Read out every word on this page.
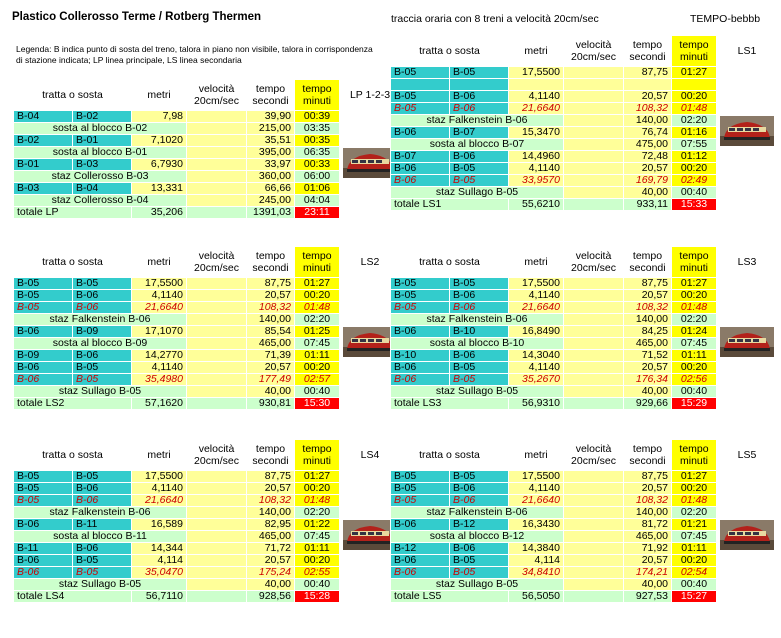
Plastico Collerosso Terme / Rotberg Thermen	traccia oraria con 8 treni a velocità 20cm/sec	TEMPO-bebbb
Legenda: B indica punto di sosta del treno, talora in piano non visibile, talora in corrispondenza di stazione indicata; LP linea principale, LS linea secondaria
tratta o sosta		metri	velocità 20cm/sec	tempo secondi	tempo minuti	LP 1-2-3
B-04	B-02	7,98		39,90	00:39	
sosta al blocco B-02				215,00	03:35	
B-02	B-01	7,1020		35,51	00:35	
sosta al blocco B-01				395,00	06:35	

B-01	B-03	6,7930		33,97	00:33	
staz Collerosso B-03				360,00	06:00	
B-03	B-04	13,331		66,66	01:06	
staz Collerosso B-04				245,00	04:04	
totale LP		35,206		1391,03	23:11	
tratta o sosta		metri	velocità 20cm/sec	tempo secondi	tempo minuti	LS1
B-05	B-05	17,5500		87,75	01:27	

B-05	B-06	4,1140		20,57	00:20	
B-05	B-06	21,6640		108,32	01:48	
staz Falkenstein B-06				140,00	02:20	

B-06	B-07	15,3470		76,74	01:16	
sosta al blocco B-07				475,00	07:55	
B-07	B-06	14,4960		72,48	01:12	
B-06	B-05	4,1140		20,57	00:20	
B-06	B-05	33,9570		169,79	02:49	
staz Sullago B-05				40,00	00:40	
totale LS1		55,6210		933,11	15:33	
tratta o sosta		metri	velocità 20cm/sec	tempo secondi	tempo minuti	LS2
B-05	B-05	17,5500		87,75	01:27	
B-05	B-06	4,1140		20,57	00:20	
B-05	B-06	21,6640		108,32	01:48	
staz Falkenstein B-06				140,00	02:20	
B-06	B-09	17,1070		85,54	01:25	

sosta al blocco B-09				465,00	07:45	
B-09	B-06	14,2770		71,39	01:11	
B-06	B-05	4,1140		20,57	00:20	
B-06	B-05	35,4980		177,49	02:57	
staz Sullago B-05				40,00	00:40	
totale LS2		57,1620		930,81	15:30	
tratta o sosta		metri	velocità 20cm/sec	tempo secondi	tempo minuti	LS3
B-05	B-05	17,5500		87,75	01:27	
B-05	B-06	4,1140		20,57	00:20	
B-05	B-06	21,6640		108,32	01:48	
staz Falkenstein B-06				140,00	02:20	
B-06	B-10	16,8490		84,25	01:24	

sosta al blocco B-10				465,00	07:45	
B-10	B-06	14,3040		71,52	01:11	
B-06	B-05	4,1140		20,57	00:20	
B-06	B-05	35,2670		176,34	02:56	
staz Sullago B-05				40,00	00:40	
totale LS3		56,9310		929,66	15:29	
tratta o sosta		metri	velocità 20cm/sec	tempo secondi	tempo minuti	LS4
B-05	B-05	17,5500		87,75	01:27	
B-05	B-06	4,1140		20,57	00:20	
B-05	B-06	21,6640		108,32	01:48	
staz Falkenstein B-06				140,00	02:20	
B-06	B-11	16,589		82,95	01:22	

sosta al blocco B-11				465,00	07:45	
B-11	B-06	14,344		71,72	01:11	
B-06	B-05	4,114		20,57	00:20	
B-06	B-05	35,0470		175,24	02:55	
staz Sullago B-05				40,00	00:40	
totale LS4		56,7110		928,56	15:28	
tratta o sosta		metri	velocità 20cm/sec	tempo secondi	tempo minuti	LS5
B-05	B-05	17,5500		87,75	01:27	
B-05	B-06	4,1140		20,57	00:20	
B-05	B-06	21,6640		108,32	01:48	
staz Falkenstein B-06				140,00	02:20	
B-06	B-12	16,3430		81,72	01:21	

sosta al blocco B-12				465,00	07:45	
B-12	B-06	14,3840		71,92	01:11	
B-06	B-05	4,114		20,57	00:20	
B-06	B-05	34,8410		174,21	02:54	
staz Sullago B-05				40,00	00:40	
totale LS5		56,5050		927,53	15:27	
